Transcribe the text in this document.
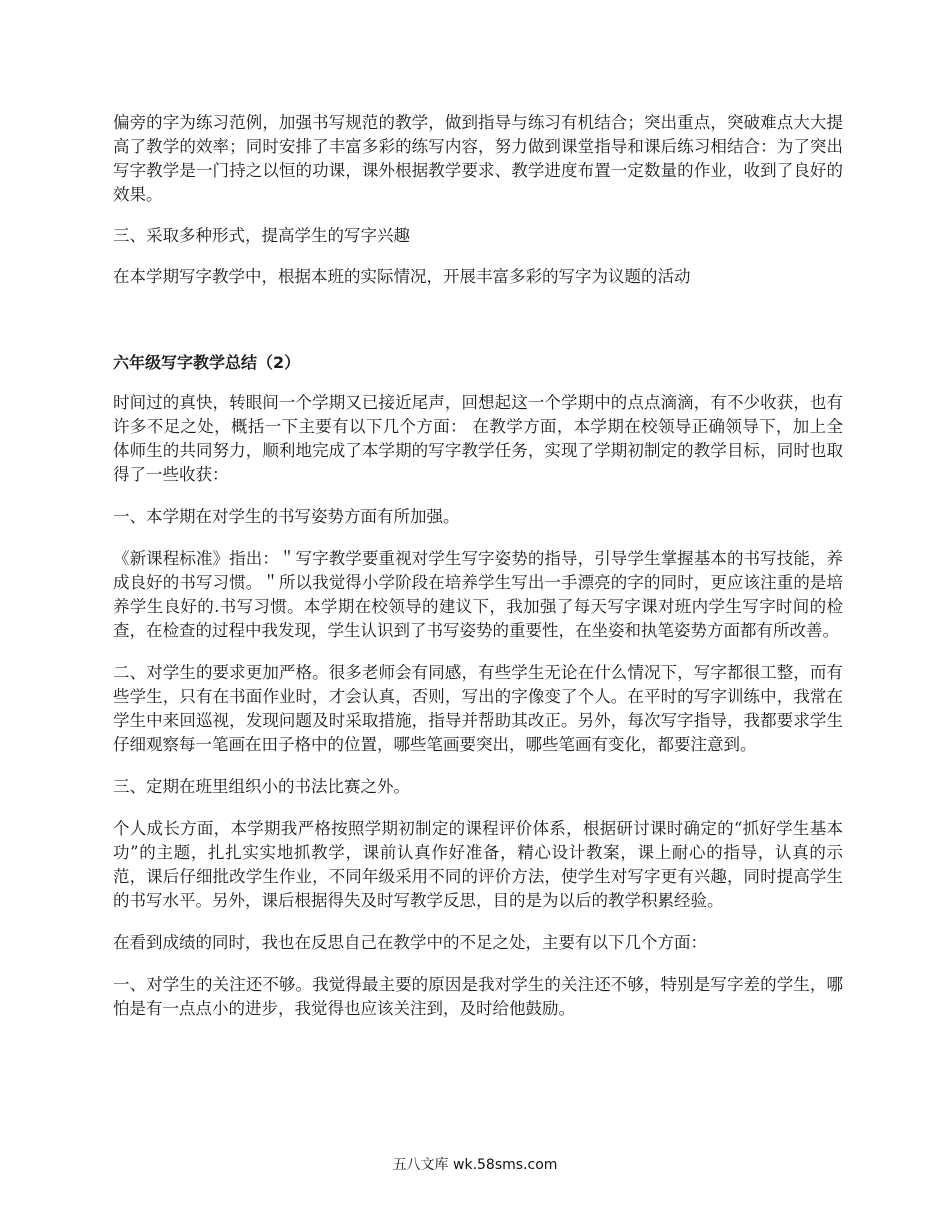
偏旁的字为练习范例，加强书写规范的教学，做到指导与练习有机结合；突出重点，突破难点大大提高了教学的效率；同时安排了丰富多彩的练写内容，努力做到课堂指导和课后练习相结合：为了突出写字教学是一门持之以恒的功课，课外根据教学要求、教学进度布置一定数量的作业，收到了良好的效果。

三、采取多种形式，提高学生的写字兴趣

在本学期写字教学中，根据本班的实际情况，开展丰富多彩的写字为议题的活动

六年级写字教学总结（2）

时间过的真快，转眼间一个学期又已接近尾声，回想起这一个学期中的点点滴滴，有不少收获，也有许多不足之处，概括一下主要有以下几个方面： 在教学方面，本学期在校领导正确领导下，加上全体师生的共同努力，顺利地完成了本学期的写字教学任务，实现了学期初制定的教学目标，同时也取得了一些收获：

一、本学期在对学生的书写姿势方面有所加强。

《新课程标准》指出：＂写字教学要重视对学生写字姿势的指导，引导学生掌握基本的书写技能，养成良好的书写习惯。＂所以我觉得小学阶段在培养学生写出一手漂亮的字的同时，更应该注重的是培养学生良好的.书写习惯。本学期在校领导的建议下，我加强了每天写字课对班内学生写字时间的检查，在检查的过程中我发现，学生认识到了书写姿势的重要性，在坐姿和执笔姿势方面都有所改善。

二、对学生的要求更加严格。很多老师会有同感，有些学生无论在什么情况下，写字都很工整，而有些学生，只有在书面作业时，才会认真，否则，写出的字像变了个人。在平时的写字训练中，我常在学生中来回巡视，发现问题及时采取措施，指导并帮助其改正。另外，每次写字指导，我都要求学生仔细观察每一笔画在田子格中的位置，哪些笔画要突出，哪些笔画有变化，都要注意到。

三、定期在班里组织小的书法比赛之外。

个人成长方面，本学期我严格按照学期初制定的课程评价体系，根据研讨课时确定的“抓好学生基本功”的主题，扎扎实实地抓教学，课前认真作好准备，精心设计教案，课上耐心的指导，认真的示范，课后仔细批改学生作业，不同年级采用不同的评价方法，使学生对写字更有兴趣，同时提高学生的书写水平。另外，课后根据得失及时写教学反思，目的是为以后的教学积累经验。

在看到成绩的同时，我也在反思自己在教学中的不足之处，主要有以下几个方面：

一、对学生的关注还不够。我觉得最主要的原因是我对学生的关注还不够，特别是写字差的学生，哪怕是有一点点小的进步，我觉得也应该关注到，及时给他鼓励。

五八文库 wk.58sms.com
